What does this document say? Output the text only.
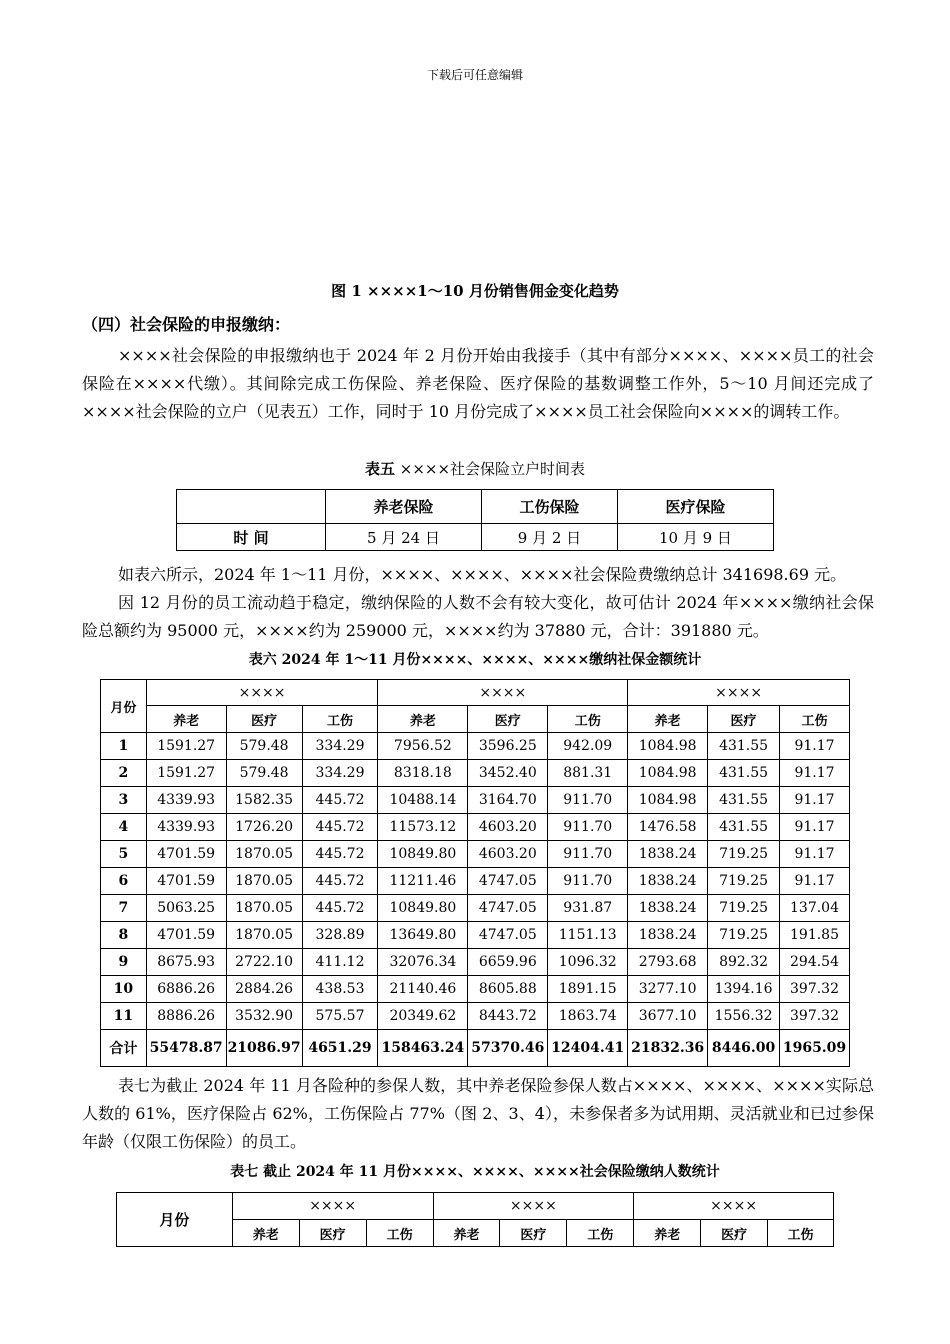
下载后可任意编辑
图 1 ××××1～10 月份销售佣金变化趋势
（四）社会保险的申报缴纳：
××××社会保险的申报缴纳也于 2024 年 2 月份开始由我接手（其中有部分××××、××××员工的社会保险在××××代缴）。其间除完成工伤保险、养老保险、医疗保险的基数调整工作外，5～10 月间还完成了××××社会保险的立户（见表五）工作，同时于 10 月份完成了××××员工社会保险向××××的调转工作。
表五 ××××社会保险立户时间表
	养老保险	工伤保险	医疗保险
时 间	5 月 24 日	9 月 2 日	10 月 9 日
如表六所示，2024 年 1～11 月份，××××、××××、××××社会保险费缴纳总计 341698.69 元。
因 12 月份的员工流动趋于稳定，缴纳保险的人数不会有较大变化，故可估计 2024 年××××缴纳社会保险总额约为 95000 元，××××约为 259000 元，××××约为 37880 元，合计：391880 元。
表六 2024 年 1～11 月份××××、××××、××××缴纳社保金额统计
月份	××××			××××			××××		
	养老	医疗	工伤	养老	医疗	工伤	养老	医疗	工伤
1	1591.27	579.48	334.29	7956.52	3596.25	942.09	1084.98	431.55	91.17
2	1591.27	579.48	334.29	8318.18	3452.40	881.31	1084.98	431.55	91.17
3	4339.93	1582.35	445.72	10488.14	3164.70	911.70	1084.98	431.55	91.17
4	4339.93	1726.20	445.72	11573.12	4603.20	911.70	1476.58	431.55	91.17
5	4701.59	1870.05	445.72	10849.80	4603.20	911.70	1838.24	719.25	91.17
6	4701.59	1870.05	445.72	11211.46	4747.05	911.70	1838.24	719.25	91.17
7	5063.25	1870.05	445.72	10849.80	4747.05	931.87	1838.24	719.25	137.04
8	4701.59	1870.05	328.89	13649.80	4747.05	1151.13	1838.24	719.25	191.85
9	8675.93	2722.10	411.12	32076.34	6659.96	1096.32	2793.68	892.32	294.54
10	6886.26	2884.26	438.53	21140.46	8605.88	1891.15	3277.10	1394.16	397.32
11	8886.26	3532.90	575.57	20349.62	8443.72	1863.74	3677.10	1556.32	397.32
合计	55478.87	21086.97	4651.29	158463.24	57370.46	12404.41	21832.36	8446.00	1965.09
表七为截止 2024 年 11 月各险种的参保人数，其中养老保险参保人数占××××、××××、××××实际总人数的 61%，医疗保险占 62%，工伤保险占 77%（图 2、3、4），未参保者多为试用期、灵活就业和已过参保年龄（仅限工伤保险）的员工。
表七 截止 2024 年 11 月份××××、××××、××××社会保险缴纳人数统计
月份	××××			××××			××××		
	养老	医疗	工伤	养老	医疗	工伤	养老	医疗	工伤
